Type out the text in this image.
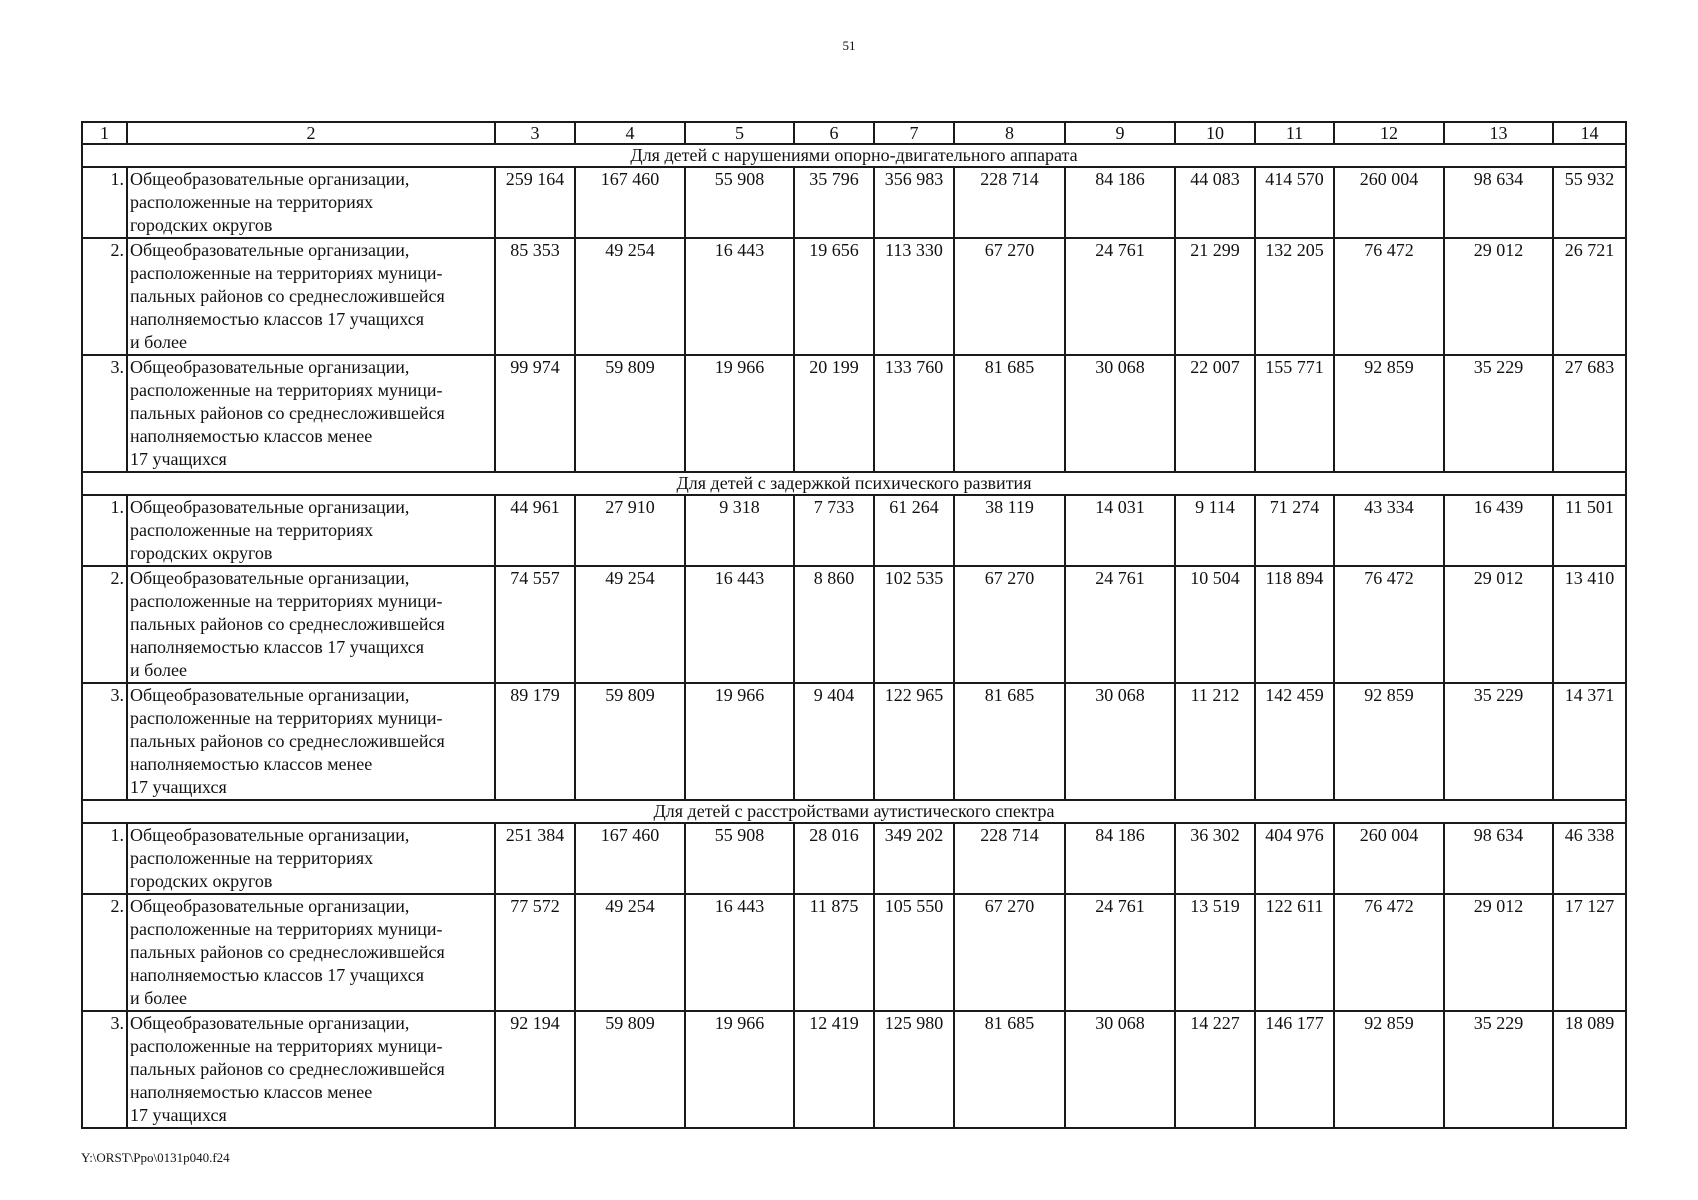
51
1	2	3	4	5	6	7	8	9	10	11	12	13	14
Для детей с нарушениями опорно-двигательного аппарата													
1.	Общеобразовательные организации,
расположенные на территориях
городских округов	259 164	167 460	55 908	35 796	356 983	228 714	84 186	44 083	414 570	260 004	98 634	55 932
2.	Общеобразовательные организации,
расположенные на территориях муници-
пальных районов со среднесложившейся
наполняемостью классов 17 учащихся
и более	85 353	49 254	16 443	19 656	113 330	67 270	24 761	21 299	132 205	76 472	29 012	26 721
3.	Общеобразовательные организации,
расположенные на территориях муници-
пальных районов со среднесложившейся
наполняемостью классов менее
17 учащихся	99 974	59 809	19 966	20 199	133 760	81 685	30 068	22 007	155 771	92 859	35 229	27 683
Для детей с задержкой психического развития													
1.	Общеобразовательные организации,
расположенные на территориях
городских округов	44 961	27 910	9 318	7 733	61 264	38 119	14 031	9 114	71 274	43 334	16 439	11 501
2.	Общеобразовательные организации,
расположенные на территориях муници-
пальных районов со среднесложившейся
наполняемостью классов 17 учащихся
и более	74 557	49 254	16 443	8 860	102 535	67 270	24 761	10 504	118 894	76 472	29 012	13 410
3.	Общеобразовательные организации,
расположенные на территориях муници-
пальных районов со среднесложившейся
наполняемостью классов менее
17 учащихся	89 179	59 809	19 966	9 404	122 965	81 685	30 068	11 212	142 459	92 859	35 229	14 371
Для детей с расстройствами аутистического спектра													
1.	Общеобразовательные организации,
расположенные на территориях
городских округов	251 384	167 460	55 908	28 016	349 202	228 714	84 186	36 302	404 976	260 004	98 634	46 338
2.	Общеобразовательные организации,
расположенные на территориях муници-
пальных районов со среднесложившейся
наполняемостью классов 17 учащихся
и более	77 572	49 254	16 443	11 875	105 550	67 270	24 761	13 519	122 611	76 472	29 012	17 127
3.	Общеобразовательные организации,
расположенные на территориях муници-
пальных районов со среднесложившейся
наполняемостью классов менее
17 учащихся	92 194	59 809	19 966	12 419	125 980	81 685	30 068	14 227	146 177	92 859	35 229	18 089
Y:\ORST\Ppo\0131p040.f24
